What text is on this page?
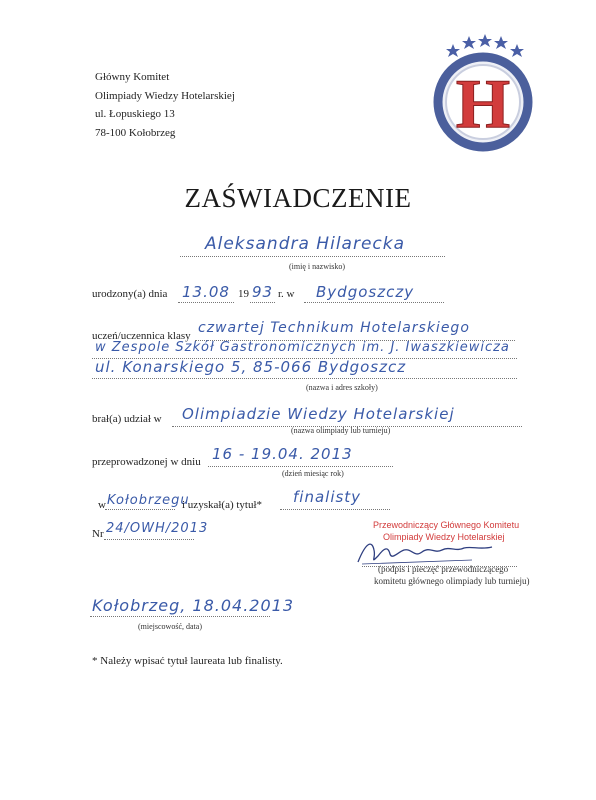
Główny Komitet
Olimpiady Wiedzy Hotelarskiej
ul. Łopuskiego 13
78-100 Kołobrzeg	H
ZAŚWIADCZENIE
Aleksandra Hilarecka
(imię i nazwisko)
urodzony(a) dnia 13.08 19 93 r. w Bydgoszczy
uczeń/uczennica klasy czwartej Technikum Hotelarskiego
w Zespole Szkół Gastronomicznych im. J. Iwaszkiewicza
ul. Konarskiego 5, 85-066 Bydgoszcz
(nazwa i adres szkoły)
brał(a) udział w Olimpiadzie Wiedzy Hotelarskiej
(nazwa olimpiady lub turnieju)
przeprowadzonej w dniu 16 - 19.04. 2013
(dzień miesiąc rok)
w Kołobrzegu
i uzyskał(a) tytuł* finalisty
Nr 24/OWH/2013	Przewodniczący Głównego Komitetu
Olimpiady Wiedzy Hotelarskiej
(podpis i pieczęć przewodniczącego
komitetu głównego olimpiady lub turnieju)
Kołobrzeg, 18.04.2013
(miejscowość, data)
* Należy wpisać tytuł laureata lub finalisty.
